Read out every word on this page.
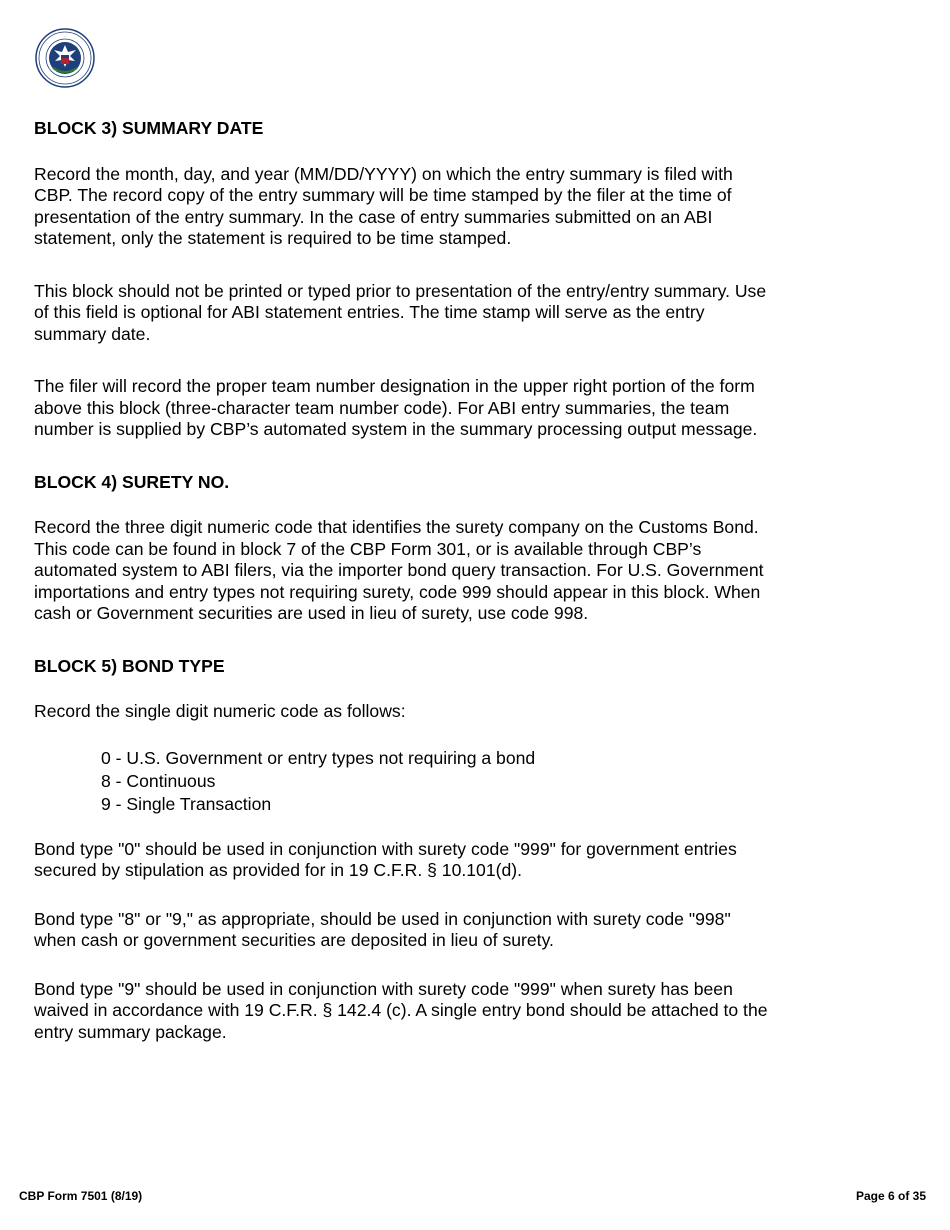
.

BLOCK 3) SUMMARY DATE

Record the month, day, and year (MM/DD/YYYY) on which the entry summary is filed with CBP. The record copy of the entry summary will be time stamped by the filer at the time of presentation of the entry summary. In the case of entry summaries submitted on an ABI statement, only the statement is required to be time stamped.

This block should not be printed or typed prior to presentation of the entry/entry summary. Use of this field is optional for ABI statement entries. The time stamp will serve as the entry summary date.

The filer will record the proper team number designation in the upper right portion of the form above this block (three-character team number code). For ABI entry summaries, the team number is supplied by CBP’s automated system in the summary processing output message.

BLOCK 4) SURETY NO.

Record the three digit numeric code that identifies the surety company on the Customs Bond. This code can be found in block 7 of the CBP Form 301, or is available through CBP’s automated system to ABI filers, via the importer bond query transaction. For U.S. Government importations and entry types not requiring surety, code 999 should appear in this block. When cash or Government securities are used in lieu of surety, use code 998.

BLOCK 5) BOND TYPE

Record the single digit numeric code as follows:

0 - U.S. Government or entry types not requiring a bond
8 - Continuous
9 - Single Transaction

Bond type "0" should be used in conjunction with surety code "999" for government entries secured by stipulation as provided for in 19 C.F.R. § 10.101(d).

Bond type "8" or "9," as appropriate, should be used in conjunction with surety code "998" when cash or government securities are deposited in lieu of surety.

Bond type "9" should be used in conjunction with surety code "999" when surety has been waived in accordance with 19 C.F.R. § 142.4 (c). A single entry bond should be attached to the entry summary package.

CBP Form 7501 (8/19)	Page 6 of 35
